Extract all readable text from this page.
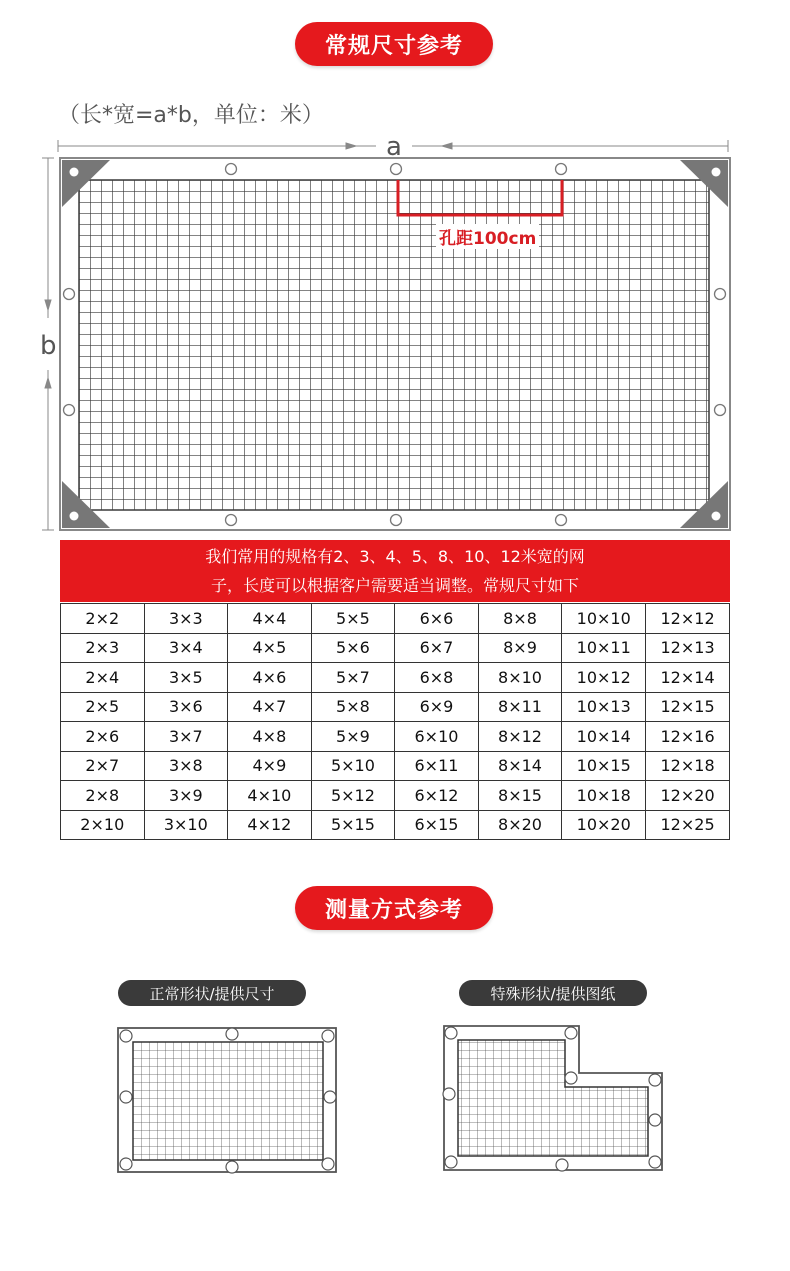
常规尺寸参考
（长*宽=a*b，单位：米）
a
b
孔距100cm
我们常用的规格有2、3、4、5、8、10、12米宽的网
子，长度可以根据客户需要适当调整。常规尺寸如下
2×2	3×3	4×4	5×5	6×6	8×8	10×10	12×12
2×3	3×4	4×5	5×6	6×7	8×9	10×11	12×13
2×4	3×5	4×6	5×7	6×8	8×10	10×12	12×14
2×5	3×6	4×7	5×8	6×9	8×11	10×13	12×15
2×6	3×7	4×8	5×9	6×10	8×12	10×14	12×16
2×7	3×8	4×9	5×10	6×11	8×14	10×15	12×18
2×8	3×9	4×10	5×12	6×12	8×15	10×18	12×20
2×10	3×10	4×12	5×15	6×15	8×20	10×20	12×25
测量方式参考
正常形状/提供尺寸	特殊形状/提供图纸
